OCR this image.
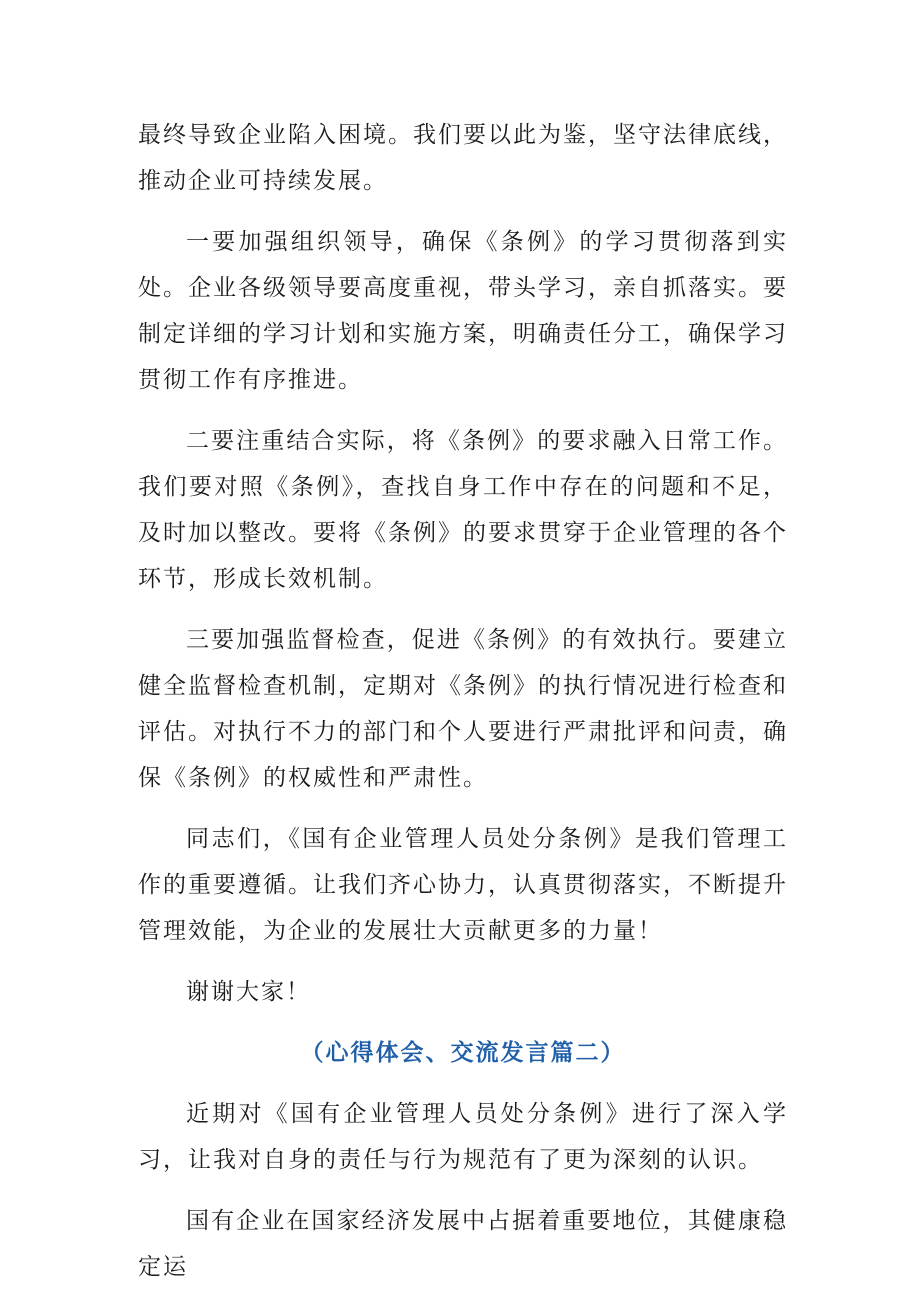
最终导致企业陷入困境。我们要以此为鉴，坚守法律底线，推动企业可持续发展。

一要加强组织领导，确保《条例》的学习贯彻落到实处。企业各级领导要高度重视，带头学习，亲自抓落实。要制定详细的学习计划和实施方案，明确责任分工，确保学习贯彻工作有序推进。

二要注重结合实际，将《条例》的要求融入日常工作。我们要对照《条例》，查找自身工作中存在的问题和不足，及时加以整改。要将《条例》的要求贯穿于企业管理的各个环节，形成长效机制。

三要加强监督检查，促进《条例》的有效执行。要建立健全监督检查机制，定期对《条例》的执行情况进行检查和评估。对执行不力的部门和个人要进行严肃批评和问责，确保《条例》的权威性和严肃性。

同志们，《国有企业管理人员处分条例》是我们管理工作的重要遵循。让我们齐心协力，认真贯彻落实，不断提升管理效能，为企业的发展壮大贡献更多的力量！

谢谢大家！

（心得体会、交流发言篇二）

近期对《国有企业管理人员处分条例》进行了深入学习，让我对自身的责任与行为规范有了更为深刻的认识。

国有企业在国家经济发展中占据着重要地位，其健康稳定运
